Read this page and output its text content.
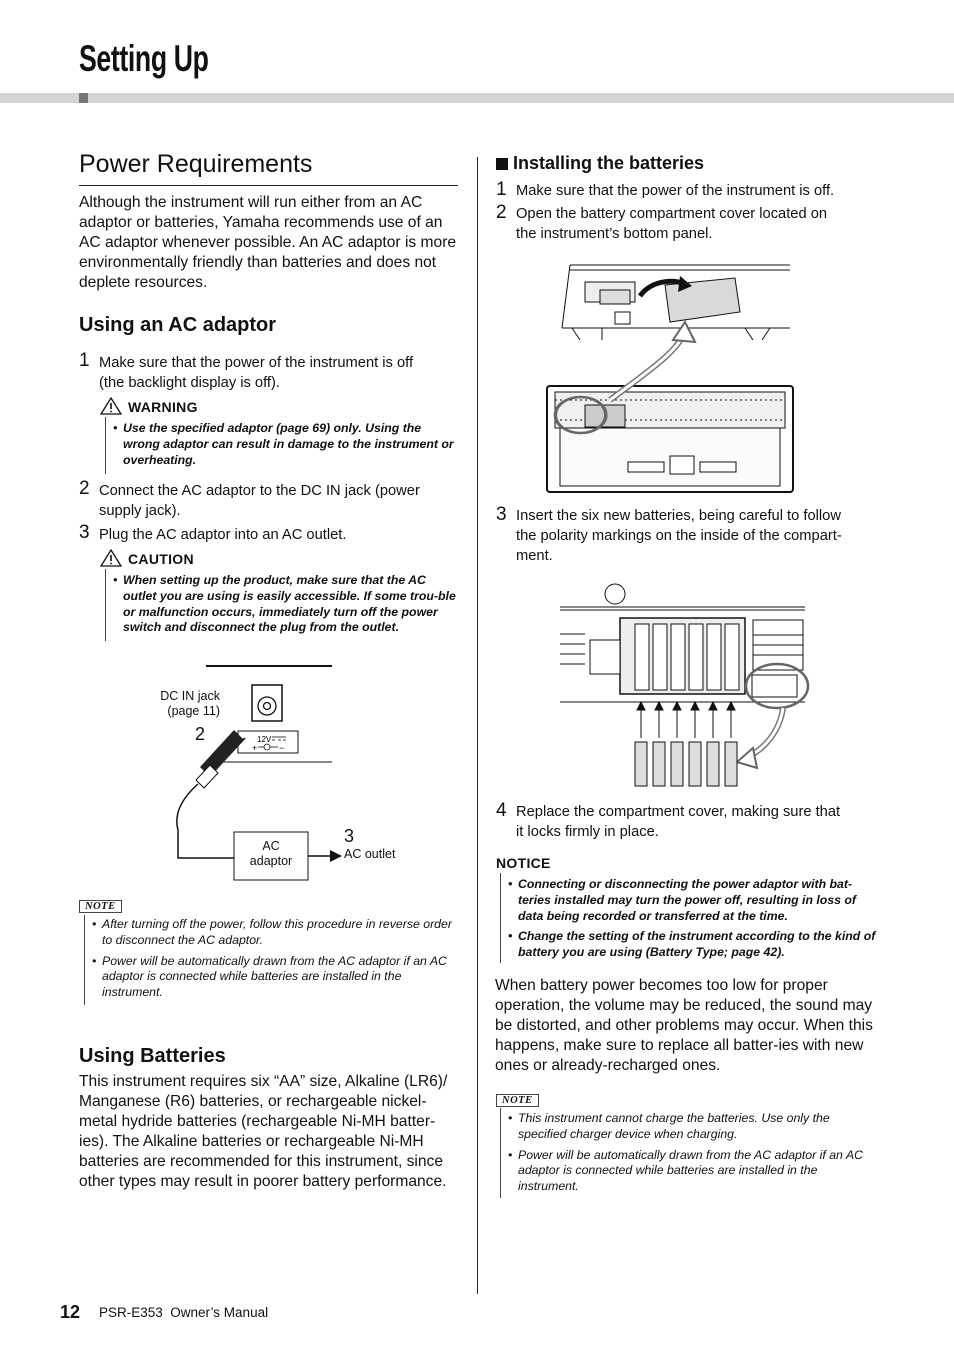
Setting Up
Power Requirements
Although the instrument will run either from an AC adaptor or batteries, Yamaha recommends use of an AC adaptor whenever possible. An AC adaptor is more environmentally friendly than batteries and does not deplete resources.
Using an AC adaptor
1 Make sure that the power of the instrument is off
(the backlight display is off).
WARNING
• Use the specified adaptor (page 69) only. Using the wrong adaptor can result in damage to the instrument or overheating.
2 Connect the AC adaptor to the DC IN jack (power
supply jack).
3 Plug the AC adaptor into an AC outlet.
CAUTION
• When setting up the product, make sure that the AC outlet you are using is easily accessible. If some trou-ble or malfunction occurs, immediately turn off the power switch and disconnect the plug from the outlet.
12V
+ −
DC IN jack
(page 11)
2
3
AC
adaptor	AC outlet
NOTE
• After turning off the power, follow this procedure in reverse order to disconnect the AC adaptor.
• Power will be automatically drawn from the AC adaptor if an AC adaptor is connected while batteries are installed in the instrument.
Using Batteries
This instrument requires six “AA” size, Alkaline (LR6)/ Manganese (R6) batteries, or rechargeable nickel-metal hydride batteries (rechargeable Ni-MH batter-ies). The Alkaline batteries or rechargeable Ni-MH batteries are recommended for this instrument, since other types may result in poorer battery performance.
Installing the batteries
1 Make sure that the power of the instrument is off.
2 Open the battery compartment cover located on
the instrument’s bottom panel.
3 Insert the six new batteries, being careful to follow
the polarity markings on the inside of the compart-
ment.
4 Replace the compartment cover, making sure that
it locks firmly in place.
NOTICE
• Connecting or disconnecting the power adaptor with bat-teries installed may turn the power off, resulting in loss of data being recorded or transferred at the time.
• Change the setting of the instrument according to the kind of battery you are using (Battery Type; page 42).
When battery power becomes too low for proper operation, the volume may be reduced, the sound may be distorted, and other problems may occur. When this happens, make sure to replace all batter-ies with new ones or already-recharged ones.
NOTE
• This instrument cannot charge the batteries. Use only the specified charger device when charging.
• Power will be automatically drawn from the AC adaptor if an AC adaptor is connected while batteries are installed in the instrument.
12 PSR-E353  Owner’s Manual
